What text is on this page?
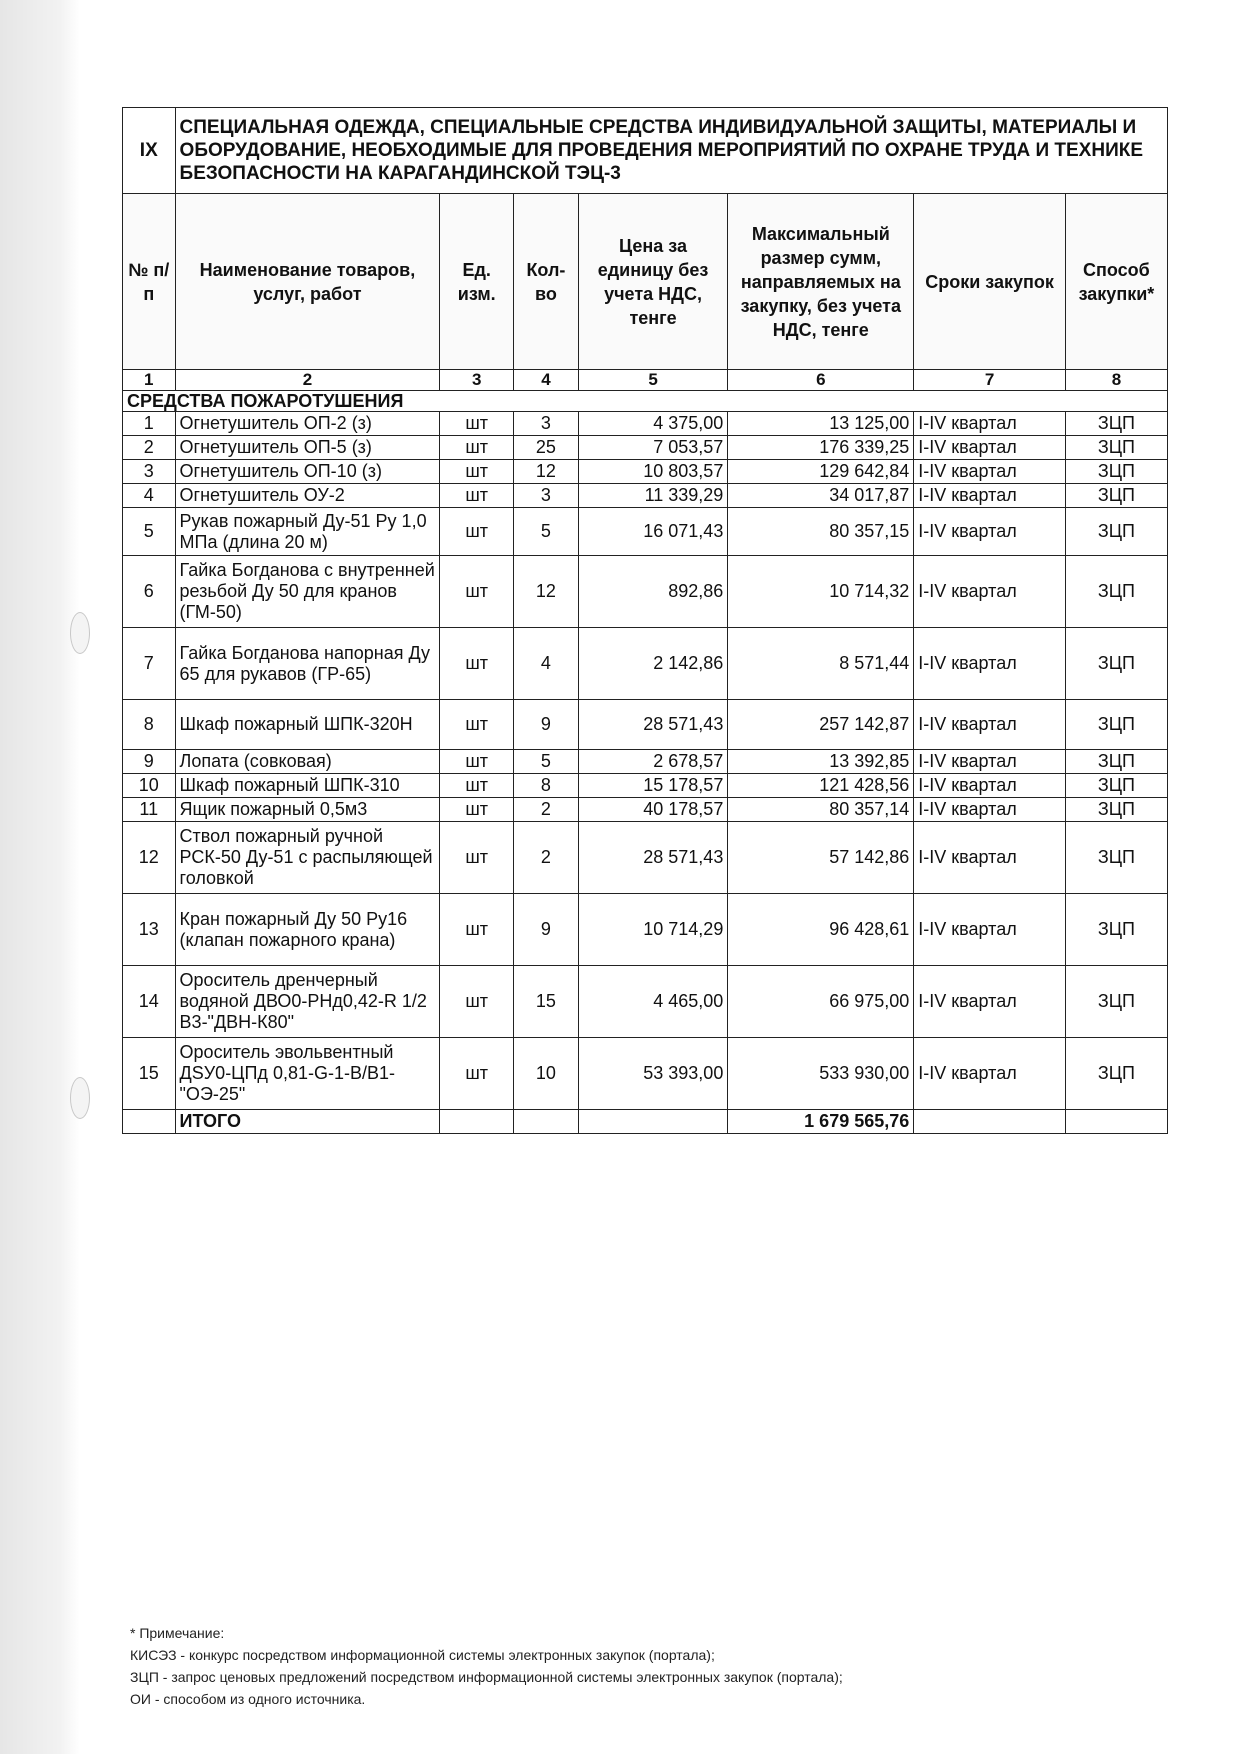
IX	СПЕЦИАЛЬНАЯ ОДЕЖДА, СПЕЦИАЛЬНЫЕ СРЕДСТВА ИНДИВИДУАЛЬНОЙ ЗАЩИТЫ, МАТЕРИАЛЫ И ОБОРУДОВАНИЕ, НЕОБХОДИМЫЕ ДЛЯ ПРОВЕДЕНИЯ МЕРОПРИЯТИЙ ПО ОХРАНЕ ТРУДА И ТЕХНИКЕ БЕЗОПАСНОСТИ НА КАРАГАНДИНСКОЙ ТЭЦ-3						
№ п/п	Наименование товаров, услуг, работ	Ед. изм.	Кол-во	Цена за единицу без учета НДС, тенге	Максимальный размер сумм, направляемых на закупку, без учета НДС, тенге	Сроки закупок	Способ закупки*
1	2	3	4	5	6	7	8
СРЕДСТВА ПОЖАРОТУШЕНИЯ							
1	Огнетушитель ОП-2 (з)	шт	3	4 375,00	13 125,00	I-IV квартал	ЗЦП
2	Огнетушитель ОП-5 (з)	шт	25	7 053,57	176 339,25	I-IV квартал	ЗЦП
3	Огнетушитель ОП-10 (з)	шт	12	10 803,57	129 642,84	I-IV квартал	ЗЦП
4	Огнетушитель ОУ-2	шт	3	11 339,29	34 017,87	I-IV квартал	ЗЦП
5	Рукав пожарный Ду-51 Ру 1,0 МПа (длина 20 м)	шт	5	16 071,43	80 357,15	I-IV квартал	ЗЦП
6	Гайка Богданова с внутренней резьбой Ду 50 для кранов (ГМ-50)	шт	12	892,86	10 714,32	I-IV квартал	ЗЦП
7	Гайка Богданова напорная Ду 65 для рукавов (ГР-65)	шт	4	2 142,86	8 571,44	I-IV квартал	ЗЦП
8	Шкаф пожарный ШПК-320Н	шт	9	28 571,43	257 142,87	I-IV квартал	ЗЦП
9	Лопата (совковая)	шт	5	2 678,57	13 392,85	I-IV квартал	ЗЦП
10	Шкаф пожарный ШПК-310	шт	8	15 178,57	121 428,56	I-IV квартал	ЗЦП
11	Ящик пожарный 0,5м3	шт	2	40 178,57	80 357,14	I-IV квартал	ЗЦП
12	Ствол пожарный ручной РСК-50 Ду-51 с распыляющей головкой	шт	2	28 571,43	57 142,86	I-IV квартал	ЗЦП
13	Кран пожарный Ду 50 Ру16 (клапан пожарного крана)	шт	9	10 714,29	96 428,61	I-IV квартал	ЗЦП
14	Ороситель дренчерный водяной ДВО0-РНд0,42-R 1/2 В3-"ДВН-К80"	шт	15	4 465,00	66 975,00	I-IV квартал	ЗЦП
15	Ороситель эвольвентный ДSУ0-ЦПд 0,81-G-1-В/В1-"ОЭ-25"	шт	10	53 393,00	533 930,00	I-IV квартал	ЗЦП
	ИТОГО				1 679 565,76		
* Примечание:
КИСЭЗ - конкурс посредством информационной системы электронных закупок (портала);
ЗЦП - запрос ценовых предложений посредством информационной системы электронных закупок (портала);
ОИ - способом из одного источника.
